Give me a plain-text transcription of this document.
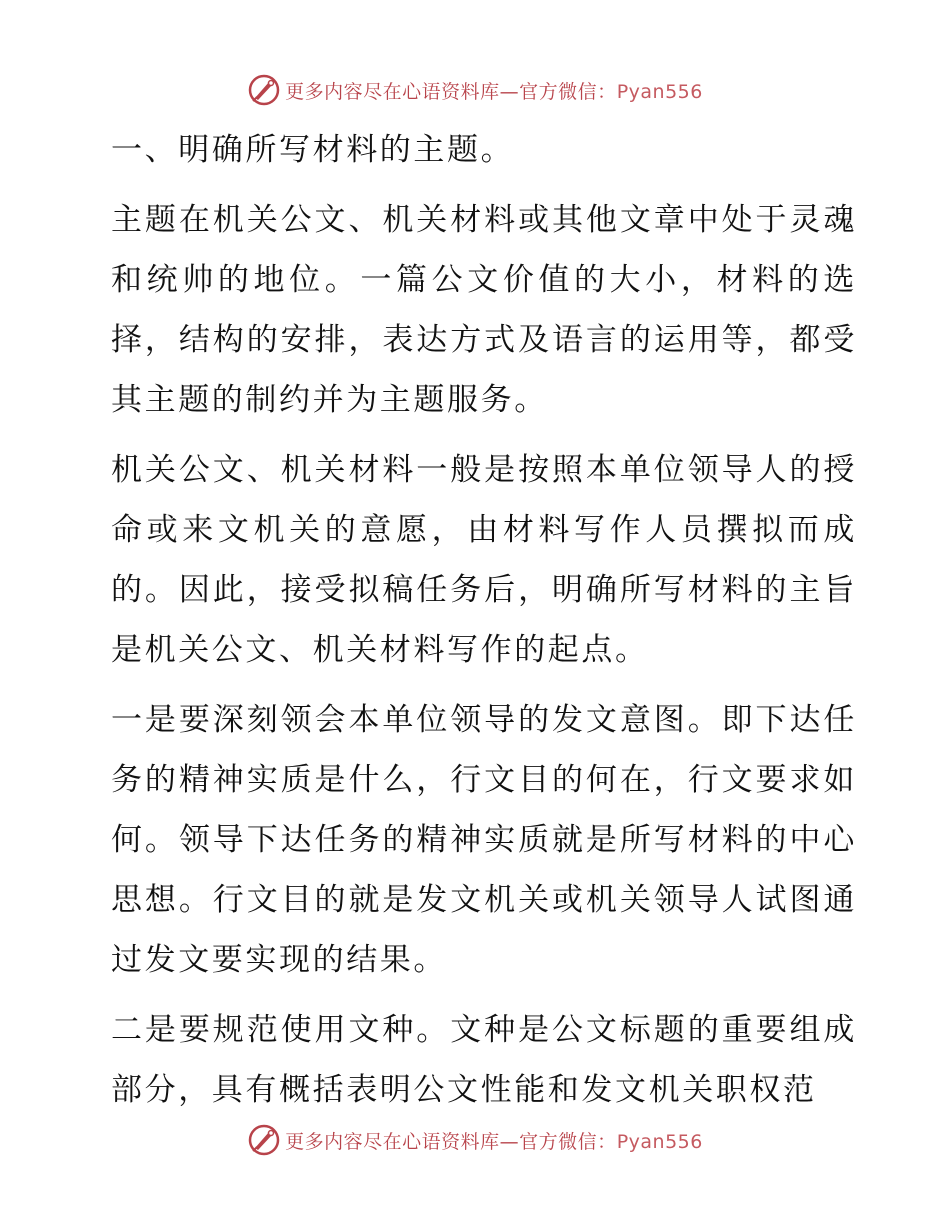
更多内容尽在心语资料库—官方微信：Pyan556

一、明确所写材料的主题。

主题在机关公文、机关材料或其他文章中处于灵魂和统帅的地位。一篇公文价值的大小，材料的选择，结构的安排，表达方式及语言的运用等，都受其主题的制约并为主题服务。

机关公文、机关材料一般是按照本单位领导人的授命或来文机关的意愿，由材料写作人员撰拟而成的。因此，接受拟稿任务后，明确所写材料的主旨是机关公文、机关材料写作的起点。

一是要深刻领会本单位领导的发文意图。即下达任务的精神实质是什么，行文目的何在，行文要求如何。领导下达任务的精神实质就是所写材料的中心思想。行文目的就是发文机关或机关领导人试图通过发文要实现的结果。

二是要规范使用文种。文种是公文标题的重要组成部分，具有概括表明公文性能和发文机关职权范

更多内容尽在心语资料库—官方微信：Pyan556
